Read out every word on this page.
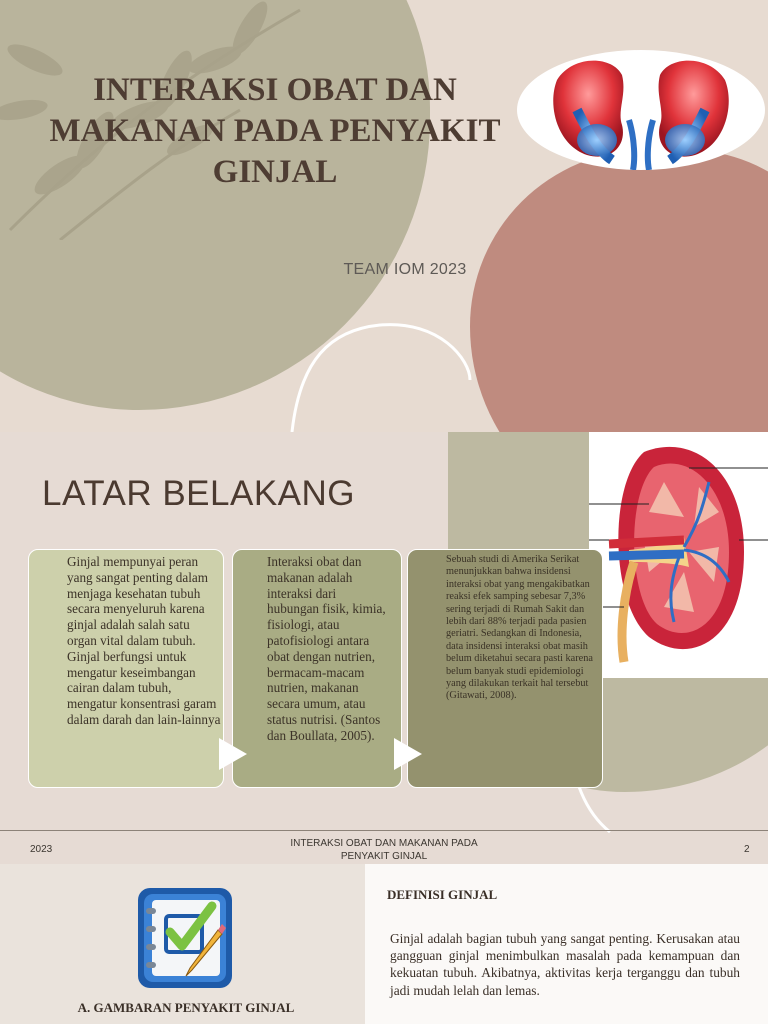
INTERAKSI OBAT DAN MAKANAN PADA PENYAKIT GINJAL
TEAM IOM 2023
LATAR BELAKANG
Ginjal mempunyai peran yang sangat penting dalam menjaga kesehatan tubuh secara menyeluruh karena ginjal adalah salah satu organ vital dalam tubuh. Ginjal berfungsi untuk mengatur keseimbangan cairan dalam tubuh, mengatur konsentrasi garam dalam darah dan lain-lainnya
Interaksi obat dan makanan adalah interaksi dari hubungan fisik, kimia, fisiologi, atau patofisiologi antara obat dengan nutrien, bermacam-macam nutrien, makanan secara umum, atau status nutrisi. (Santos dan Boullata, 2005).
Sebuah studi di Amerika Serikat menunjukkan bahwa insidensi interaksi obat yang mengakibatkan reaksi efek samping sebesar 7,3% sering terjadi di Rumah Sakit dan lebih dari 88% terjadi pada pasien geriatri. Sedangkan di Indonesia, data insidensi interaksi obat masih belum diketahui secara pasti karena belum banyak studi epidemiologi yang dilakukan terkait hal tersebut (Gitawati, 2008).
2023
INTERAKSI OBAT DAN MAKANAN PADA PENYAKIT GINJAL
2
A. GAMBARAN PENYAKIT GINJAL
DEFINISI GINJAL

Ginjal adalah bagian tubuh yang sangat penting. Kerusakan atau gangguan ginjal menimbulkan masalah pada kemampuan dan kekuatan tubuh. Akibatnya, aktivitas kerja terganggu dan tubuh jadi mudah lelah dan lemas.
